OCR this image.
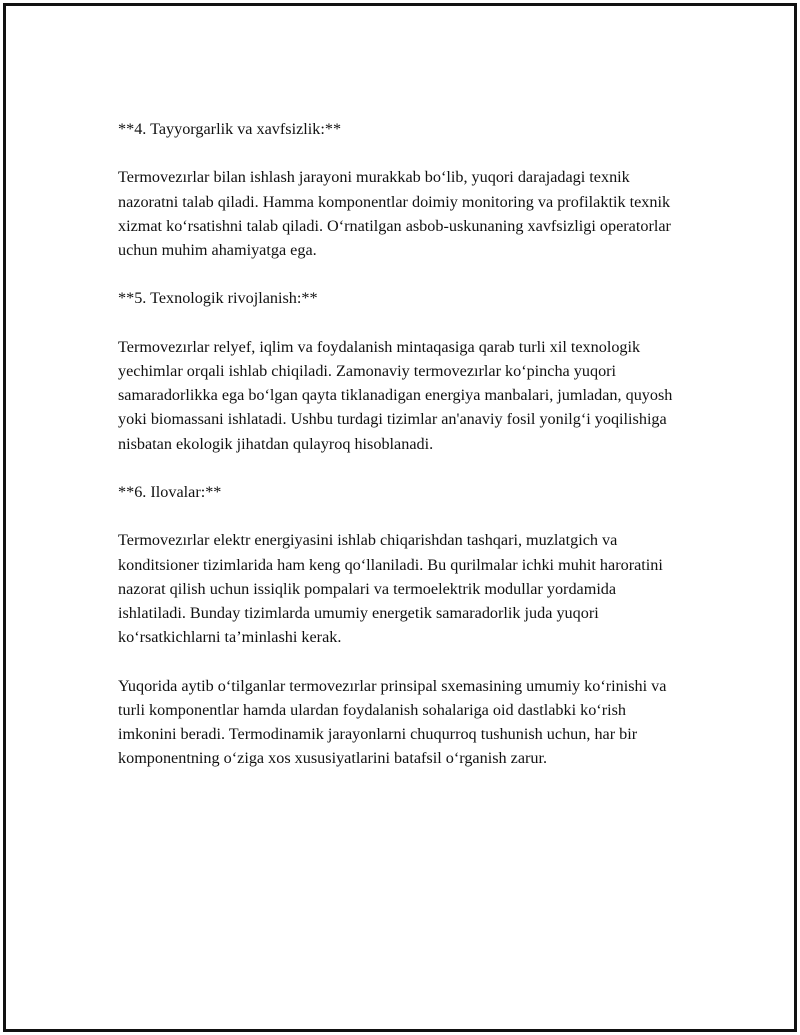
**4. Tayyorgarlik va xavfsizlik:**

Termovezırlar bilan ishlash jarayoni murakkab bo‘lib, yuqori darajadagi texnik nazoratni talab qiladi. Hamma komponentlar doimiy monitoring va profilaktik texnik xizmat ko‘rsatishni talab qiladi. O‘rnatilgan asbob-uskunaning xavfsizligi operatorlar uchun muhim ahamiyatga ega.

**5. Texnologik rivojlanish:**

Termovezırlar relyef, iqlim va foydalanish mintaqasiga qarab turli xil texnologik yechimlar orqali ishlab chiqiladi. Zamonaviy termovezırlar ko‘pincha yuqori samaradorlikka ega bo‘lgan qayta tiklanadigan energiya manbalari, jumladan, quyosh yoki biomassani ishlatadi. Ushbu turdagi tizimlar an'anaviy fosil yonilg‘i yoqilishiga nisbatan ekologik jihatdan qulayroq hisoblanadi.

**6. Ilovalar:**

Termovezırlar elektr energiyasini ishlab chiqarishdan tashqari, muzlatgich va konditsioner tizimlarida ham keng qo‘llaniladi. Bu qurilmalar ichki muhit haroratini nazorat qilish uchun issiqlik pompalari va termoelektrik modullar yordamida ishlatiladi. Bunday tizimlarda umumiy energetik samaradorlik juda yuqori ko‘rsatkichlarni ta’minlashi kerak.

Yuqorida aytib o‘tilganlar termovezırlar prinsipal sxemasining umumiy ko‘rinishi va turli komponentlar hamda ulardan foydalanish sohalariga oid dastlabki ko‘rish imkonini beradi. Termodinamik jarayonlarni chuqurroq tushunish uchun, har bir komponentning o‘ziga xos xususiyatlarini batafsil o‘rganish zarur.
